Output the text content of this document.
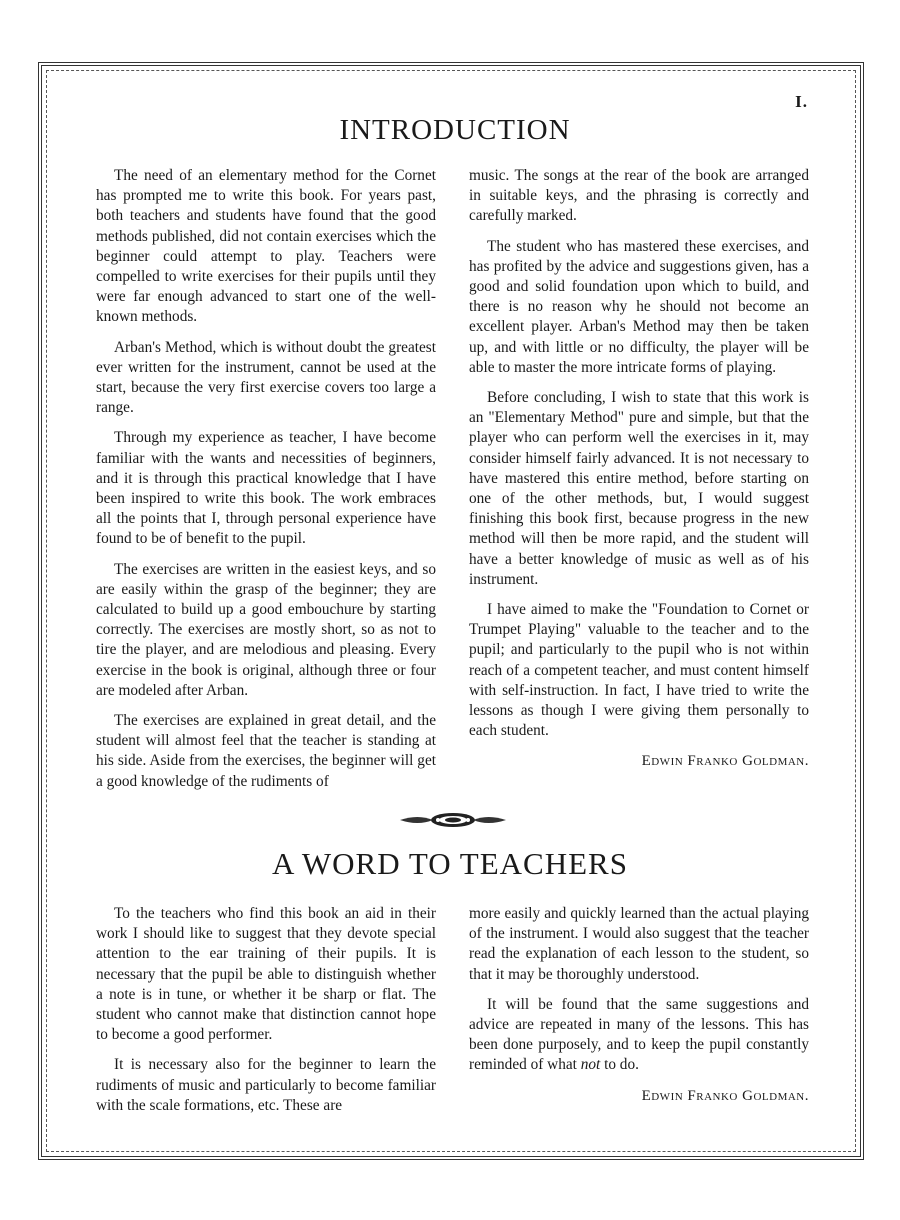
I.
INTRODUCTION

The need of an elementary method for the Cornet has prompted me to write this book. For years past, both teachers and students have found that the good methods published, did not contain exercises which the beginner could attempt to play. Teachers were compelled to write exercises for their pupils until they were far enough advanced to start one of the well-known methods.

Arban's Method, which is without doubt the greatest ever written for the instrument, cannot be used at the start, because the very first exercise covers too large a range.

Through my experience as teacher, I have become familiar with the wants and necessities of beginners, and it is through this practical knowledge that I have been inspired to write this book. The work embraces all the points that I, through personal experience have found to be of benefit to the pupil.

The exercises are written in the easiest keys, and so are easily within the grasp of the beginner; they are calculated to build up a good embouchure by starting correctly. The exercises are mostly short, so as not to tire the player, and are melodious and pleasing. Every exercise in the book is original, although three or four are modeled after Arban.

The exercises are explained in great detail, and the student will almost feel that the teacher is standing at his side. Aside from the exercises, the beginner will get a good knowledge of the rudiments of

music. The songs at the rear of the book are arranged in suitable keys, and the phrasing is correctly and carefully marked.

The student who has mastered these exercises, and has profited by the advice and suggestions given, has a good and solid foundation upon which to build, and there is no reason why he should not become an excellent player. Arban's Method may then be taken up, and with little or no difficulty, the player will be able to master the more intricate forms of playing.

Before concluding, I wish to state that this work is an "Elementary Method" pure and simple, but that the player who can perform well the exercises in it, may consider himself fairly advanced. It is not necessary to have mastered this entire method, before starting on one of the other methods, but, I would suggest finishing this book first, because progress in the new method will then be more rapid, and the student will have a better knowledge of music as well as of his instrument.

I have aimed to make the "Foundation to Cornet or Trumpet Playing" valuable to the teacher and to the pupil; and particularly to the pupil who is not within reach of a competent teacher, and must content himself with self-instruction. In fact, I have tried to write the lessons as though I were giving them personally to each student.

Edwin Franko Goldman.
A WORD TO TEACHERS

To the teachers who find this book an aid in their work I should like to suggest that they devote special attention to the ear training of their pupils. It is necessary that the pupil be able to distinguish whether a note is in tune, or whether it be sharp or flat. The student who cannot make that distinction cannot hope to become a good performer.

It is necessary also for the beginner to learn the rudiments of music and particularly to become familiar with the scale formations, etc. These are

more easily and quickly learned than the actual playing of the instrument. I would also suggest that the teacher read the explanation of each lesson to the student, so that it may be thoroughly understood.

It will be found that the same suggestions and advice are repeated in many of the lessons. This has been done purposely, and to keep the pupil constantly reminded of what not to do.

Edwin Franko Goldman.
